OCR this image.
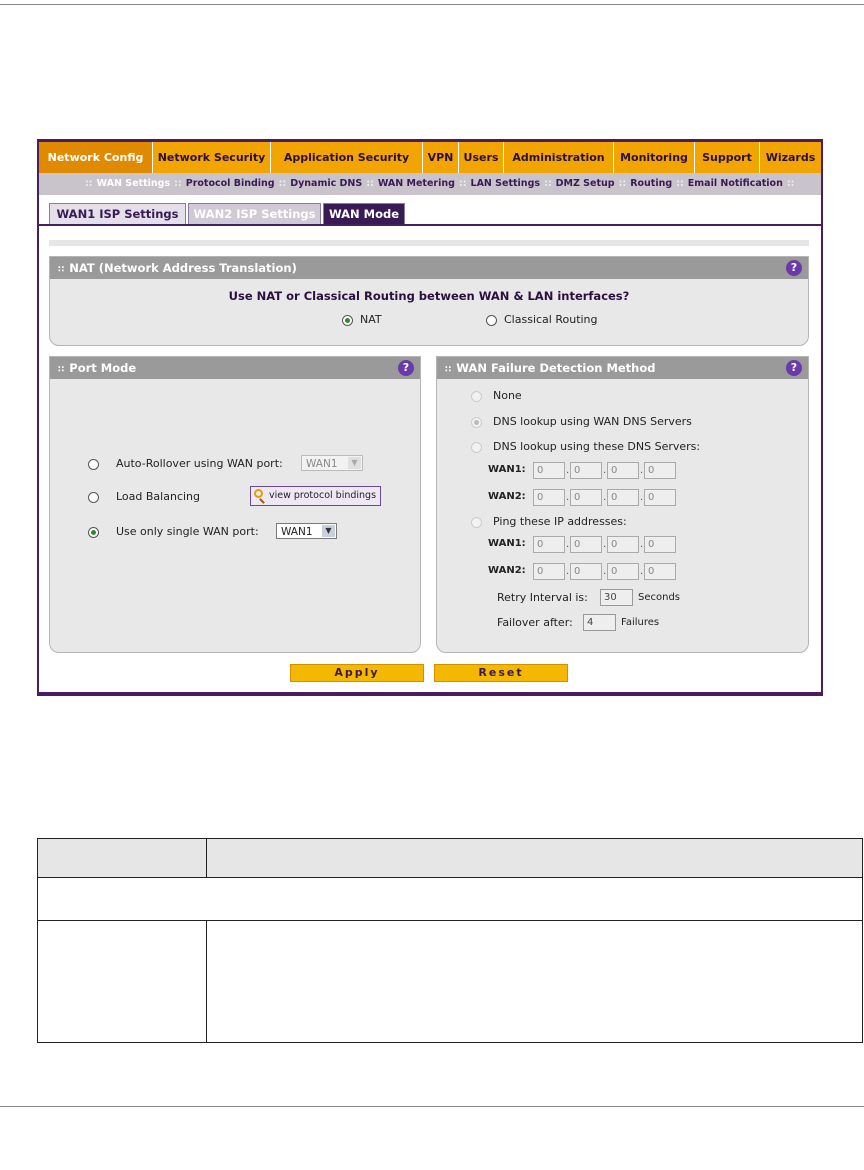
Network Config	Network Security	Application Security	VPN Users	Administration	Monitoring	Support	Wizards
:: WAN Settings :: Protocol Binding :: Dynamic DNS :: WAN Metering :: LAN Settings :: DMZ Setup :: Routing :: Email Notification ::
WAN1 ISP Settings	WAN2 ISP Settings	WAN Mode
∷ NAT (Network Address Translation)	?
Use NAT or Classical Routing between WAN & LAN interfaces?
NAT	Classical Routing
∷ Port Mode	?
Auto-Rollover using WAN port:	WAN1	▼
Load Balancing	view protocol bindings
Use only single WAN port:	WAN1	▼
∷ WAN Failure Detection Method	?
None
DNS lookup using WAN DNS Servers
DNS lookup using these DNS Servers:
WAN1:	0	. 0	. 0	. 0
WAN2:	0	. 0	. 0	. 0
Ping these IP addresses:
WAN1:	0	. 0	. 0	. 0
WAN2:	0	. 0	. 0	. 0
Retry Interval is:	30	Seconds
Failover after:	4	Failures
Apply	Reset
